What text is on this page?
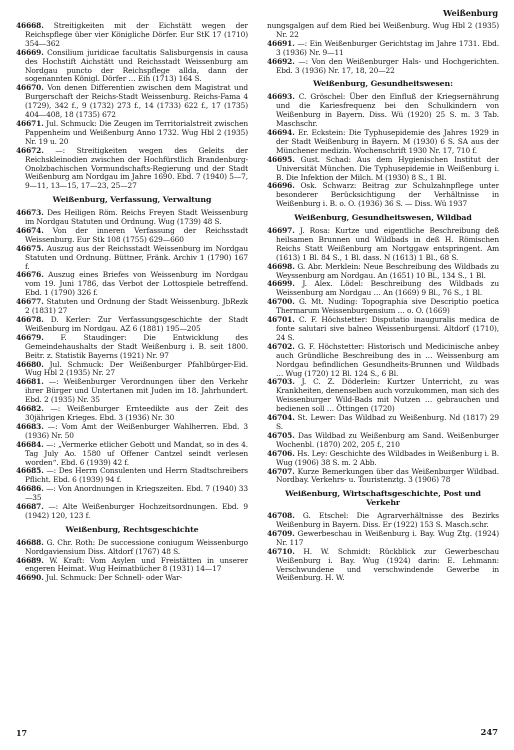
Weißenburg

46668. Streitigkeiten mit der Eichstätt wegen der Reichspflege über vier Königliche Dörfer. Eur StK 17 (1710) 354—362

46669. Consilium juridicae facultatis Salisburgensis in causa des Hochstift Aichstätt und Reichsstadt Weissenburg am Nordgau puncto der Reichspflege allda, dann der sogenannten Königl. Dörfer … Eih (1713) 164 S.

46670. Von denen Differentien zwischen dem Magistrat und Burgerschaft der Reichs-Stadt Weissenburg. Reichs-Fama 4 (1729), 342 f., 9 (1732) 273 f., 14 (1733) 622 f., 17 (1735) 404—408, 18 (1735) 672

46671. Jul. Schmuck: Die Zeugen im Territorialstreit zwischen Pappenheim und Weißenburg Anno 1732. Wug Hbl 2 (1935) Nr. 19 u. 20

46672. —: Streitigkeiten wegen des Geleits der Reichskleinodien zwischen der Hochfürstlich Brandenburg-Onolzbachischen Vormundschafts-Regierung und der Stadt Weißenburg am Nordgau im Jahre 1690. Ebd. 7 (1940) 5—7, 9—11, 13—15, 17—23, 25—27

Weißenburg, Verfassung, Verwaltung

46673. Des Heiligen Röm. Reichs Freyen Stadt Weissenburg im Nordgau Statuten und Ordnung. Wug (1739) 48 S.

46674. Von der inneren Verfassung der Reichsstadt Weissenburg. Eur Stk 108 (1755) 629—660

46675. Auszug aus der Reichsstadt Weissenburg im Nordgau Statuten und Ordnung. Büttner, Fränk. Archiv 1 (1790) 167 f.

46676. Auszug eines Briefes von Weissenburg im Nordgau vom 19. Juni 1786, das Verbot der Lottospiele betreffend. Ebd. 1 (1790) 326 f.

46677. Statuten und Ordnung der Stadt Weissenburg. JbRezk 2 (1831) 27

46678. D. Kerler: Zur Verfassungsgeschichte der Stadt Weißenburg im Nordgau. AZ 6 (1881) 195—205

46679. F. Staudinger: Die Entwicklung des Gemeindehaushalts der Stadt Weißenburg i. B. seit 1800. Beitr. z. Statistik Bayerns (1921) Nr. 97

46680. Jul. Schmuck: Der Weißenburger Pfahlbürger-Eid. Wug Hbl 2 (1935) Nr. 27

46681. —: Weißenburger Verordnungen über den Verkehr ihrer Bürger und Untertanen mit Juden im 18. Jahrhundert. Ebd. 2 (1935) Nr. 35

46682. —: Weißenburger Ernteedikte aus der Zeit des 30jährigen Krieges. Ebd. 3 (1936) Nr. 30

46683. —: Vom Amt der Weißenburger Wahlherren. Ebd. 3 (1936) Nr. 50

46684. —: „Vermerke etlicher Gebott und Mandat, so in des 4. Tag July Ao. 1580 uf Offener Cantzel seindt verlesen worden“. Ebd. 6 (1939) 42 f.

46685. —: Des Herrn Consulenten und Herrn Stadtschreibers Pflicht. Ebd. 6 (1939) 94 f.

46686. —: Von Anordnungen in Kriegszeiten. Ebd. 7 (1940) 33—35

46687. —: Alte Weißenburger Hochzeitsordnungen. Ebd. 9 (1942) 120, 123 f.

Weißenburg, Rechtsgeschichte

46688. G. Chr. Roth: De successione coniugum Weissenburgo Nordgaviensium Diss. Altdorf (1767) 48 S.

46689. W. Kraft: Vom Asylen und Freistätten in unserer engeren Heimat. Wug Heimatbücher 8 (1931) 14—17

46690. Jul. Schmuck: Der Schnell- oder War-

nungsgalgen auf dem Ried bei Weißenburg. Wug Hbl 2 (1935) Nr. 22

46691. —: Ein Weißenburger Gerichtstag im Jahre 1731. Ebd. 3 (1936) Nr. 9—11

46692. —: Von den Weißenburger Hals- und Hochgerichten. Ebd. 3 (1936) Nr. 17, 18, 20—22

Weißenburg, Gesundheitswesen:

46693. C. Gröschel: Über den Einfluß der Kriegsernährung und die Kariesfrequenz bei den Schulkindern von Weißenburg in Bayern. Diss. Wü (1920) 25 S. m. 3 Tab. Maschschr.

46694. Er. Eckstein: Die Typhusepidemie des Jahres 1929 in der Stadt Weißenburg in Bayern. M (1930) 6 S. SA aus der Münchener medizin. Wochenschrift 1930 Nr. 17, 710 f.

46695. Gust. Schad: Aus dem Hygienischen Institut der Universität München. Die Typhusepidemie in Weißenburg i. B. Die Infektion der Milch. M (1930) 8 S., 1 Bl.

46696. Osk. Schwarz: Beitrag zur Schulzahnpflege unter besonderer Berücksichtigung der Verhältnisse in Weißenburg i. B. o. O. (1936) 36 S. — Diss. Wü 1937

Weißenburg, Gesundheitswesen, Wildbad

46697. J. Rosa: Kurtze und eigentliche Beschreibung deß heilsamen Brunnen und Wildbads in deß H. Römischen Reichs Statt Weißenburg am Nortggaw entspringent. Am (1613) 1 Bl. 84 S., 1 Bl. dass. N (1613) 1 Bl., 68 S.

46698. G. Abr. Merklein: Neue Beschreibung des Wildbads zu Weyssenburg am Nordgau. An (1651) 10 Bl., 134 S., 1 Bl.

46699. J. Alex. Lödel: Beschreibung des Wildbads zu Weissenburg am Nordgau … An (1669) 9 Bl., 76 S., 1 Bl.

46700. G. Mt. Nuding: Topographia sive Descriptio poetica Thermarum Weissenburgensium … o. O. (1669)

46701. C. F. Höchstetter: Disputatio inauguralis medica de fonte salutari sive balneo Weissenburgensi. Altdorf (1710), 24 S.

46702. G. F. Höchstetter: Historisch und Medicinische anbey auch Gründliche Beschreibung des in … Weissenburg am Nordgau befindlichen Gesundheits-Brunnen und Wildbads … Wug (1720) 12 Bl. 124 S., 6 Bl.

46703. J. C. Z. Döderlein: Kurtzer Unterricht, zu was Krankheiten, denenselben auch vorzukommen, man sich des Weissenburger Wild-Bads mit Nutzen … gebrauchen und bedienen soll … Öttingen (1720)

46704. St. Lewer: Das Wildbad zu Weißenburg. Nd (1817) 29 S.

46705. Das Wildbad zu Weißenburg am Sand. Weißenburger Wochenbl. (1870) 202, 205 f., 210

46706. Hs. Ley: Geschichte des Wildbades in Weißenburg i. B. Wug (1906) 38 S. m. 2 Abb.

46707. Kurze Bemerkungen über das Weißenburger Wildbad. Nordbay. Verkehrs- u. Touristenztg. 3 (1906) 78

Weißenburg, Wirtschaftsgeschichte, Post und Verkehr

46708. G. Etschel: Die Agrarverhältnisse des Bezirks Weißenburg in Bayern. Diss. Er (1922) 153 S. Masch.schr.

46709. Gewerbeschau in Weißenburg i. Bay. Wug Ztg. (1924) Nr. 117

46710. H. W. Schmidt: Rückblick zur Gewerbeschau Weißenburg i. Bay. Wug (1924) darin: E. Lehmann: Verschwundene und verschwindende Gewerbe in Weißenburg. H. W.

17	247
